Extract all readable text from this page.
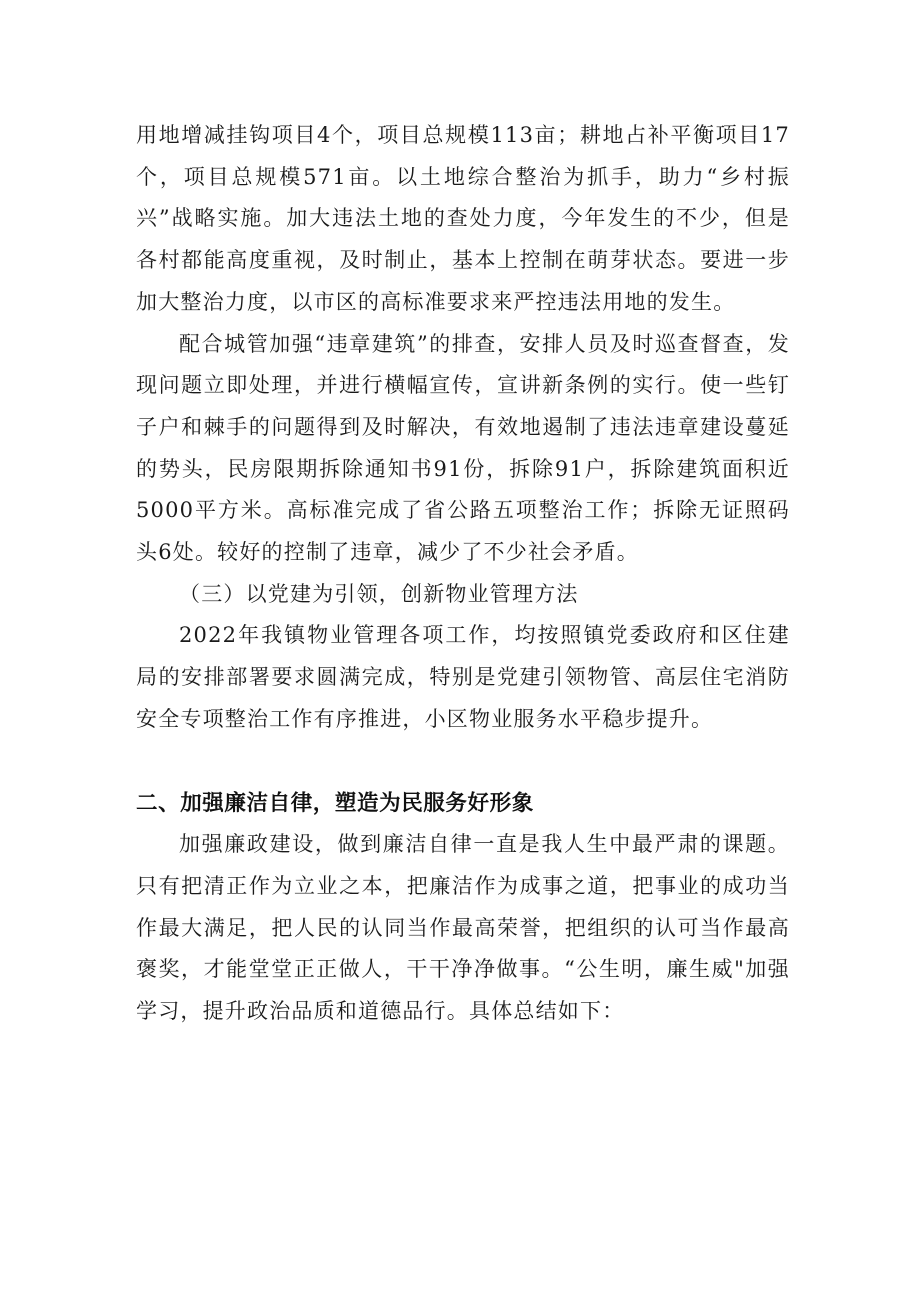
用地增减挂钩项目4个，项目总规模113亩；耕地占补平衡项目17个，项目总规模571亩。以土地综合整治为抓手，助力“乡村振兴”战略实施。加大违法土地的查处力度，今年发生的不少，但是各村都能高度重视，及时制止，基本上控制在萌芽状态。要进一步加大整治力度，以市区的高标准要求来严控违法用地的发生。

配合城管加强“违章建筑”的排查，安排人员及时巡查督查，发现问题立即处理，并进行横幅宣传，宣讲新条例的实行。使一些钉子户和棘手的问题得到及时解决，有效地遏制了违法违章建设蔓延的势头，民房限期拆除通知书91份，拆除91户，拆除建筑面积近5000平方米。高标准完成了省公路五项整治工作；拆除无证照码头6处。较好的控制了违章，减少了不少社会矛盾。

（三）以党建为引领，创新物业管理方法

2022年我镇物业管理各项工作，均按照镇党委政府和区住建局的安排部署要求圆满完成，特别是党建引领物管、高层住宅消防安全专项整治工作有序推进，小区物业服务水平稳步提升。

二、加强廉洁自律，塑造为民服务好形象

加强廉政建设，做到廉洁自律一直是我人生中最严肃的课题。只有把清正作为立业之本，把廉洁作为成事之道，把事业的成功当作最大满足，把人民的认同当作最高荣誉，把组织的认可当作最高褒奖，才能堂堂正正做人，干干净净做事。“公生明，廉生威"加强学习，提升政治品质和道德品行。具体总结如下：
